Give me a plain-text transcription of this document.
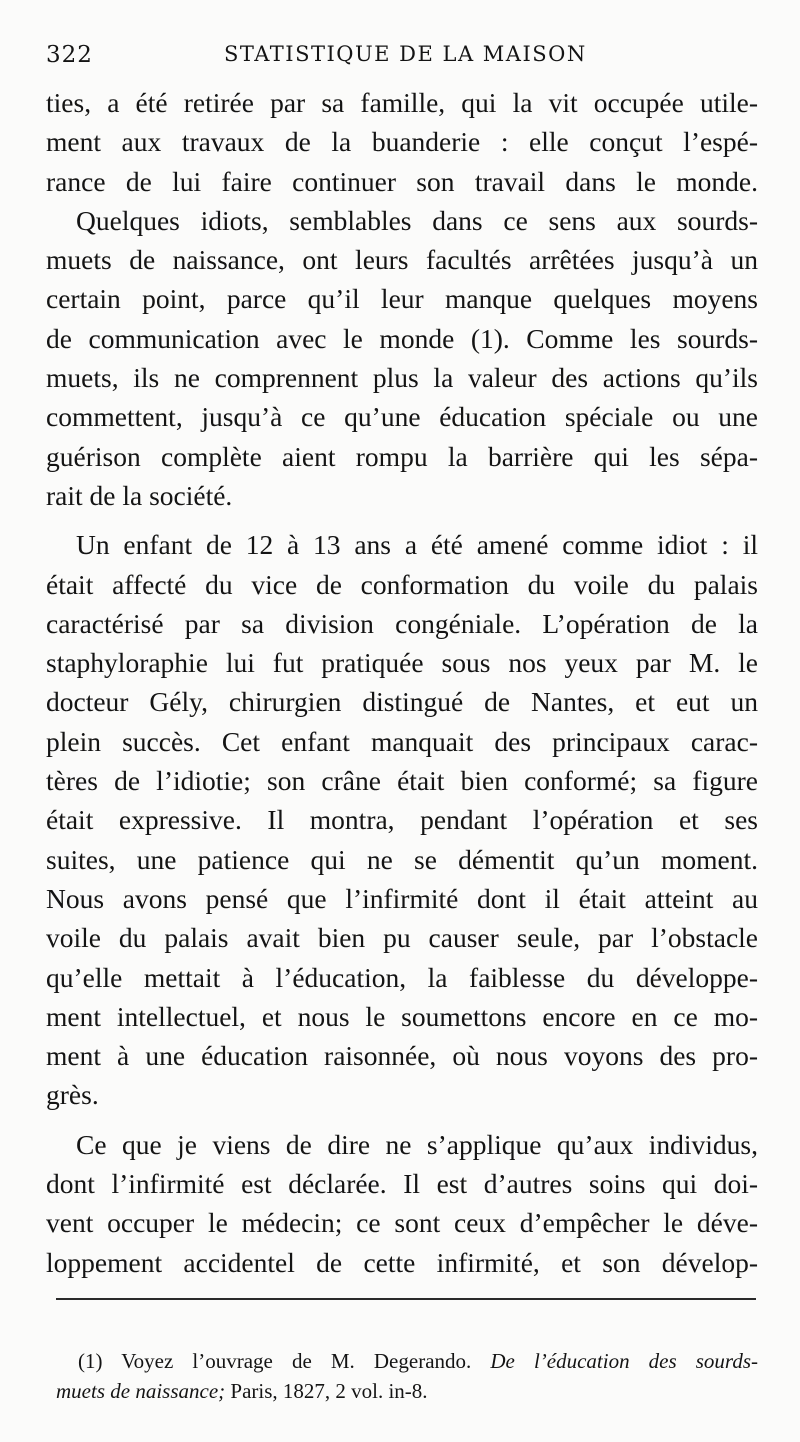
322	STATISTIQUE DE LA MAISON
ties, a été retirée par sa famille, qui la vit occupée utile-
ment aux travaux de la buanderie : elle conçut l’espé-
rance de lui faire continuer son travail dans le monde.
Quelques idiots, semblables dans ce sens aux sourds-
muets de naissance, ont leurs facultés arrêtées jusqu’à un
certain point, parce qu’il leur manque quelques moyens
de communication avec le monde (1). Comme les sourds-
muets, ils ne comprennent plus la valeur des actions qu’ils
commettent, jusqu’à ce qu’une éducation spéciale ou une
guérison complète aient rompu la barrière qui les sépa-
rait de la société.
Un enfant de 12 à 13 ans a été amené comme idiot : il
était affecté du vice de conformation du voile du palais
caractérisé par sa division congéniale. L’opération de la
staphyloraphie lui fut pratiquée sous nos yeux par M. le
docteur Gély, chirurgien distingué de Nantes, et eut un
plein succès. Cet enfant manquait des principaux carac-
tères de l’idiotie; son crâne était bien conformé; sa figure
était expressive. Il montra, pendant l’opération et ses
suites, une patience qui ne se démentit qu’un moment.
Nous avons pensé que l’infirmité dont il était atteint au
voile du palais avait bien pu causer seule, par l’obstacle
qu’elle mettait à l’éducation, la faiblesse du développe-
ment intellectuel, et nous le soumettons encore en ce mo-
ment à une éducation raisonnée, où nous voyons des pro-
grès.
Ce que je viens de dire ne s’applique qu’aux individus,
dont l’infirmité est déclarée. Il est d’autres soins qui doi-
vent occuper le médecin; ce sont ceux d’empêcher le déve-
loppement accidentel de cette infirmité, et son dévelop-
(1) Voyez l’ouvrage de M. Degerando. De l’éducation des sourds-
muets de naissance; Paris, 1827, 2 vol. in-8.
